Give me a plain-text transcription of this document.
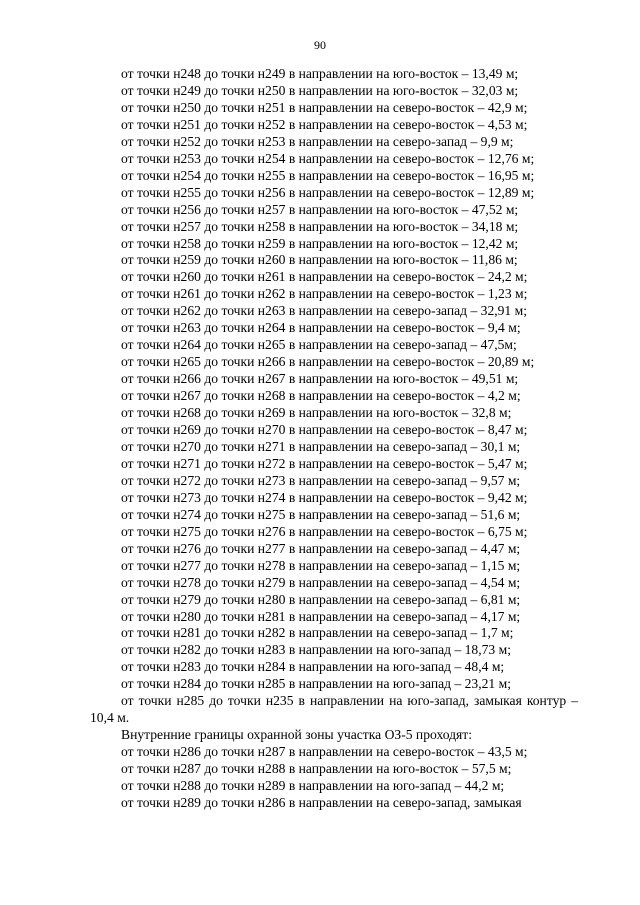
90
от точки н248 до точки н249 в направлении на юго-восток – 13,49 м;
от точки н249 до точки н250 в направлении на юго-восток – 32,03 м;
от точки н250 до точки н251 в направлении на северо-восток – 42,9 м;
от точки н251 до точки н252 в направлении на северо-восток – 4,53 м;
от точки н252 до точки н253 в направлении на северо-запад – 9,9 м;
от точки н253 до точки н254 в направлении на северо-восток – 12,76 м;
от точки н254 до точки н255 в направлении на северо-восток – 16,95 м;
от точки н255 до точки н256 в направлении на северо-восток – 12,89 м;
от точки н256 до точки н257 в направлении на юго-восток – 47,52 м;
от точки н257 до точки н258 в направлении на юго-восток – 34,18 м;
от точки н258 до точки н259 в направлении на юго-восток – 12,42 м;
от точки н259 до точки н260 в направлении на юго-восток – 11,86 м;
от точки н260 до точки н261 в направлении на северо-восток – 24,2 м;
от точки н261 до точки н262 в направлении на северо-восток – 1,23 м;
от точки н262 до точки н263 в направлении на северо-запад – 32,91 м;
от точки н263 до точки н264 в направлении на северо-восток – 9,4 м;
от точки н264 до точки н265 в направлении на северо-запад – 47,5м;
от точки н265 до точки н266 в направлении на северо-восток – 20,89 м;
от точки н266 до точки н267 в направлении на юго-восток – 49,51 м;
от точки н267 до точки н268 в направлении на северо-восток – 4,2 м;
от точки н268 до точки н269 в направлении на юго-восток – 32,8 м;
от точки н269 до точки н270 в направлении на северо-восток – 8,47 м;
от точки н270 до точки н271 в направлении на северо-запад – 30,1 м;
от точки н271 до точки н272 в направлении на северо-восток – 5,47 м;
от точки н272 до точки н273 в направлении на северо-запад – 9,57 м;
от точки н273 до точки н274 в направлении на северо-восток – 9,42 м;
от точки н274 до точки н275 в направлении на северо-запад – 51,6 м;
от точки н275 до точки н276 в направлении на северо-восток – 6,75 м;
от точки н276 до точки н277 в направлении на северо-запад – 4,47 м;
от точки н277 до точки н278 в направлении на северо-запад – 1,15 м;
от точки н278 до точки н279 в направлении на северо-запад – 4,54 м;
от точки н279 до точки н280 в направлении на северо-запад – 6,81 м;
от точки н280 до точки н281 в направлении на северо-запад – 4,17 м;
от точки н281 до точки н282 в направлении на северо-запад – 1,7 м;
от точки н282 до точки н283 в направлении на юго-запад – 18,73 м;
от точки н283 до точки н284 в направлении на юго-запад – 48,4 м;
от точки н284 до точки н285 в направлении на юго-запад – 23,21 м;
от точки н285 до точки н235 в направлении на юго-запад, замыкая контур – 10,4 м.
Внутренние границы охранной зоны участка ОЗ-5 проходят:
от точки н286 до точки н287 в направлении на северо-восток – 43,5 м;
от точки н287 до точки н288 в направлении на юго-восток – 57,5 м;
от точки н288 до точки н289 в направлении на юго-запад – 44,2 м;
от точки н289 до точки н286 в направлении на северо-запад, замыкая
